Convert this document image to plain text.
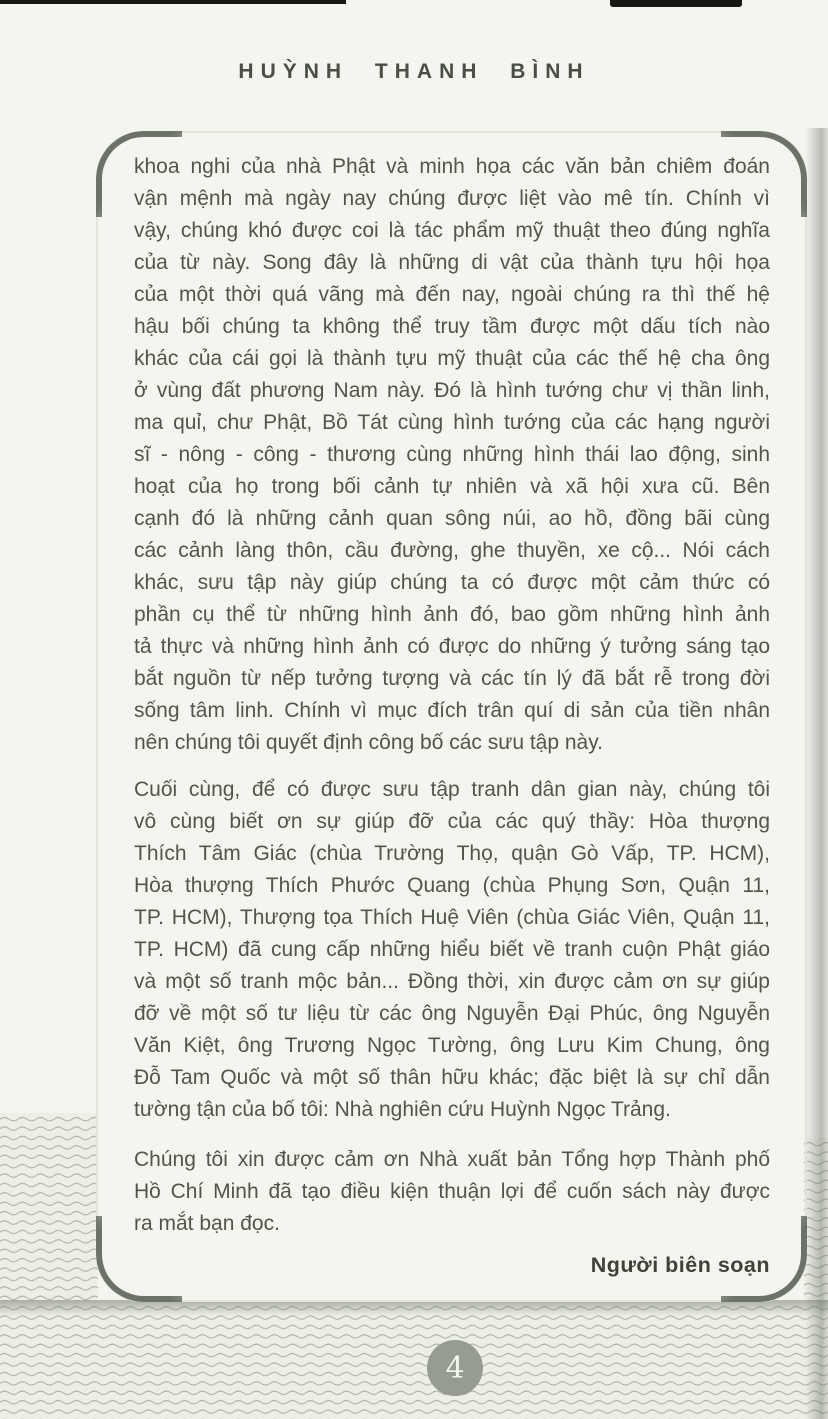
HUỲNH THANH BÌNH
khoa nghi của nhà Phật và minh họa các văn bản chiêm đoán
vận mệnh mà ngày nay chúng được liệt vào mê tín. Chính vì
vậy, chúng khó được coi là tác phẩm mỹ thuật theo đúng nghĩa
của từ này. Song đây là những di vật của thành tựu hội họa
của một thời quá vãng mà đến nay, ngoài chúng ra thì thế hệ
hậu bối chúng ta không thể truy tầm được một dấu tích nào
khác của cái gọi là thành tựu mỹ thuật của các thế hệ cha ông
ở vùng đất phương Nam này. Đó là hình tướng chư vị thần linh,
ma quỉ, chư Phật, Bồ Tát cùng hình tướng của các hạng người
sĩ - nông - công - thương cùng những hình thái lao động, sinh
hoạt của họ trong bối cảnh tự nhiên và xã hội xưa cũ. Bên
cạnh đó là những cảnh quan sông núi, ao hồ, đồng bãi cùng
các cảnh làng thôn, cầu đường, ghe thuyền, xe cộ... Nói cách
khác, sưu tập này giúp chúng ta có được một cảm thức có
phần cụ thể từ những hình ảnh đó, bao gồm những hình ảnh
tả thực và những hình ảnh có được do những ý tưởng sáng tạo
bắt nguồn từ nếp tưởng tượng và các tín lý đã bắt rễ trong đời
sống tâm linh. Chính vì mục đích trân quí di sản của tiền nhân
nên chúng tôi quyết định công bố các sưu tập này.
Cuối cùng, để có được sưu tập tranh dân gian này, chúng tôi
vô cùng biết ơn sự giúp đỡ của các quý thầy: Hòa thượng
Thích Tâm Giác (chùa Trường Thọ, quận Gò Vấp, TP. HCM),
Hòa thượng Thích Phước Quang (chùa Phụng Sơn, Quận 11,
TP. HCM), Thượng tọa Thích Huệ Viên (chùa Giác Viên, Quận 11,
TP. HCM) đã cung cấp những hiểu biết về tranh cuộn Phật giáo
và một số tranh mộc bản... Đồng thời, xin được cảm ơn sự giúp
đỡ về một số tư liệu từ các ông Nguyễn Đại Phúc, ông Nguyễn
Văn Kiệt, ông Trương Ngọc Tường, ông Lưu Kim Chung, ông
Đỗ Tam Quốc và một số thân hữu khác; đặc biệt là sự chỉ dẫn
tường tận của bố tôi: Nhà nghiên cứu Huỳnh Ngọc Trảng.
Chúng tôi xin được cảm ơn Nhà xuất bản Tổng hợp Thành phố
Hồ Chí Minh đã tạo điều kiện thuận lợi để cuốn sách này được
ra mắt bạn đọc.
Người biên soạn
4
